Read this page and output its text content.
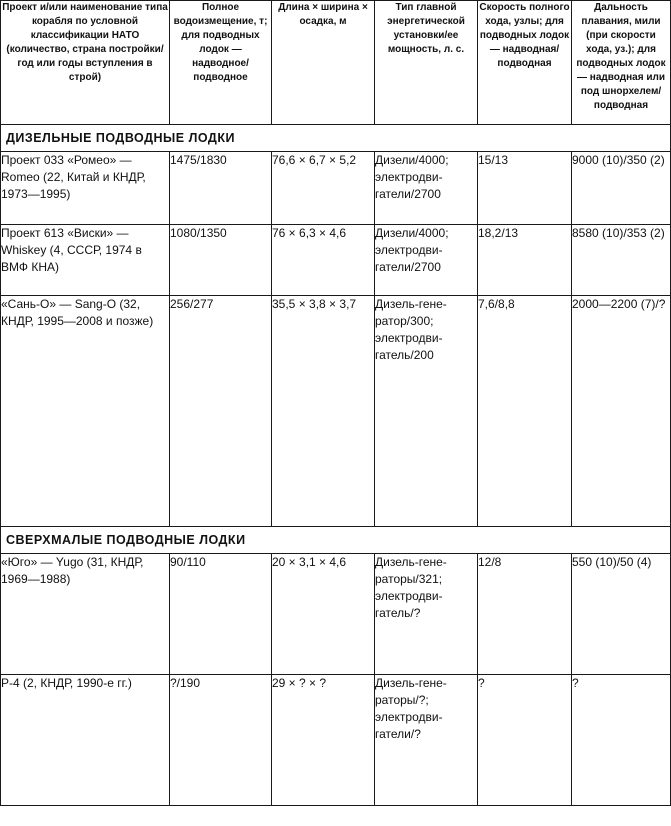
Проект и/или наименование типа корабля по условной классификации НАТО (количество, страна постройки/ год или годы вступления в строй)	Полное водоизмещение, т; для подводных лодок — надводное/ подводное	Длина × ширина × осадка, м	Тип главной энергетической установки/ее мощность, л. с.	Скорость полного хода, узлы; для подводных лодок — надводная/ подводная	Дальность плавания, мили (при скорости хода, уз.); для подводных лодок — надводная или под шнорхелем/ подводная
ДИЗЕЛЬНЫЕ ПОДВОДНЫЕ ЛОДКИ					
Проект 033 «Ромео» — Romeo (22, Китай и КНДР, 1973—1995)	1475/1830	76,6 × 6,7 × 5,2	Дизели/4000; электродви-гатели/2700	15/13	9000 (10)/350 (2)
Проект 613 «Виски» — Whiskey (4, СССР, 1974 в ВМФ КНА)	1080/1350	76 × 6,3 × 4,6	Дизели/4000; электродви-гатели/2700	18,2/13	8580 (10)/353 (2)
«Сань-О» — Sang-O (32, КНДР, 1995—2008 и позже)	256/277	35,5 × 3,8 × 3,7	Дизель-гене-ратор/300; электродви-гатель/200	7,6/8,8	2000—2200 (7)/?
СВЕРХМАЛЫЕ ПОДВОДНЫЕ ЛОДКИ					
«Юго» — Yugo (31, КНДР, 1969—1988)	90/110	20 × 3,1 × 4,6	Дизель-гене-раторы/321; электродви-гатель/?	12/8	550 (10)/50 (4)
Р-4 (2, КНДР, 1990-е гг.)	?/190	29 × ? × ?	Дизель-гене-раторы/?; электродви-гатели/?	?	?
